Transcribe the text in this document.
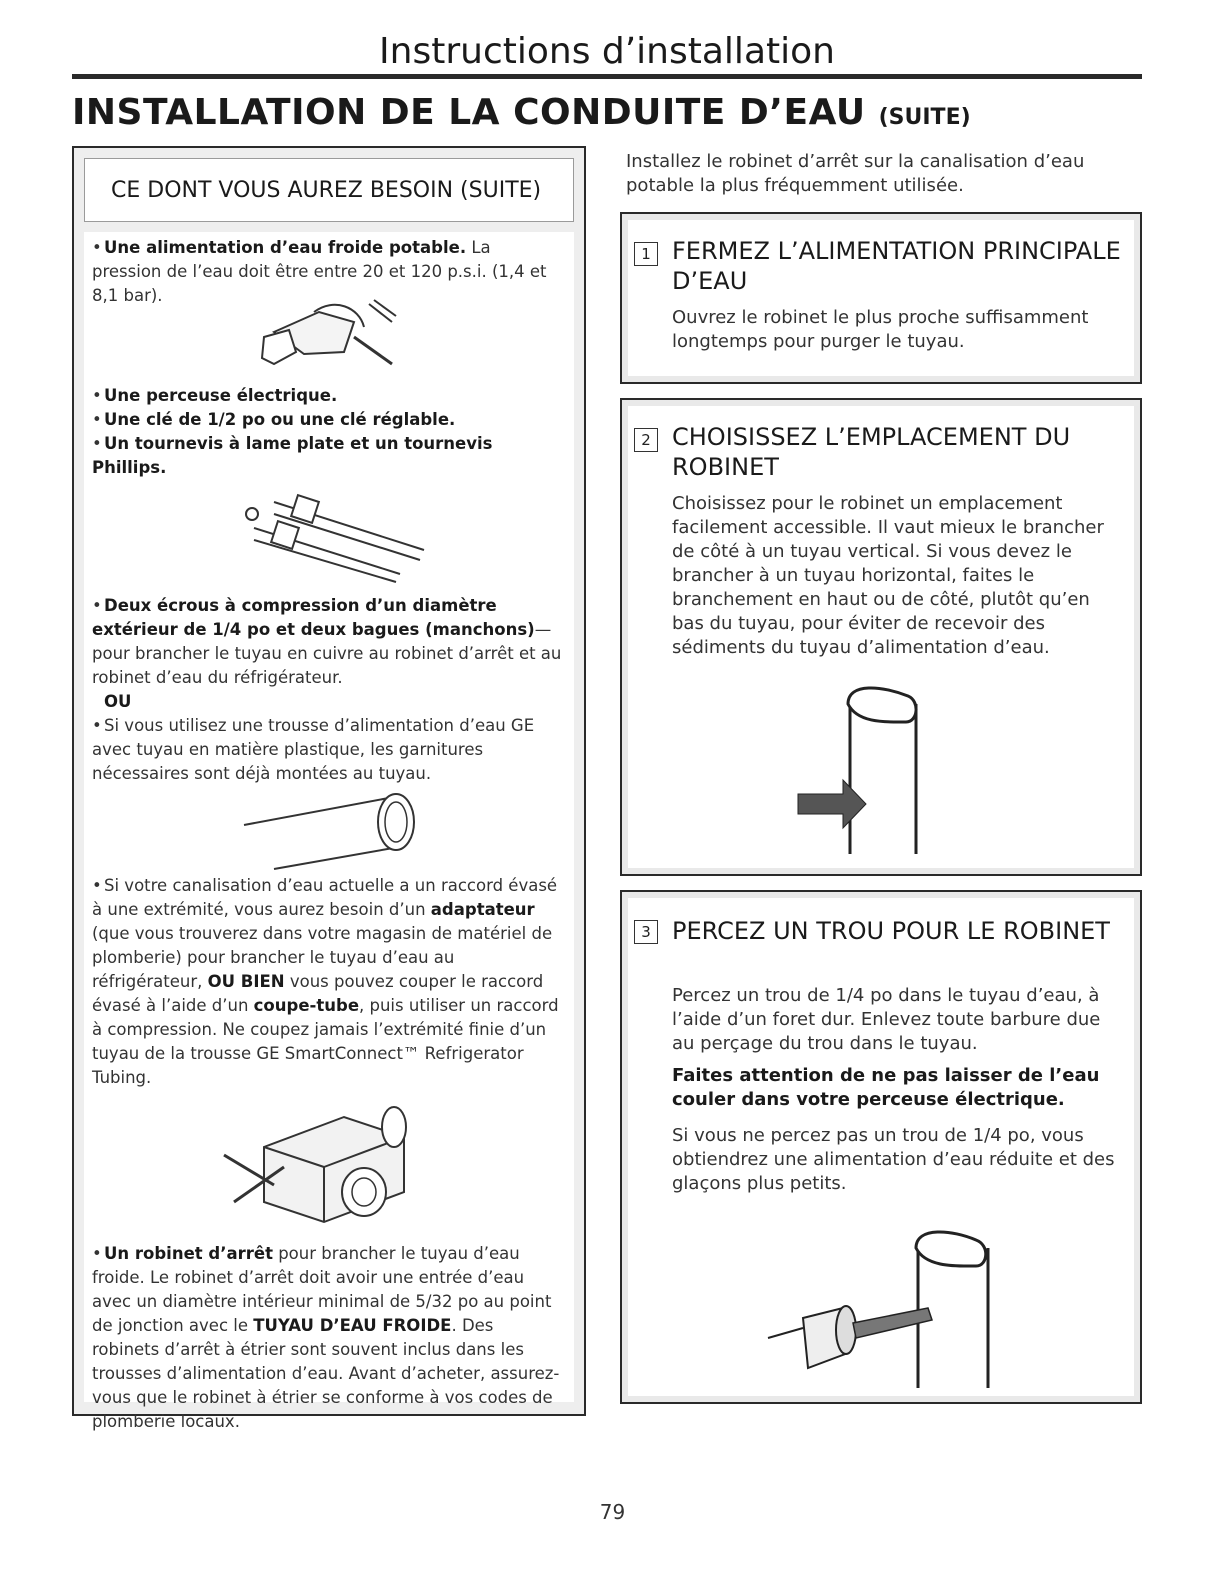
Instructions d’installation
INSTALLATION DE LA CONDUITE D’EAU (SUITE)
CE DONT VOUS AUREZ BESOIN (SUITE)
• Une alimentation d’eau froide potable. La pression de l’eau doit être entre 20 et 120 p.s.i. (1,4 et 8,1 bar).
• Une perceuse électrique.
• Une clé de 1/2 po ou une clé réglable.
• Un tournevis à lame plate et un tournevis Phillips.
• Deux écrous à compression d’un diamètre extérieur de 1/4 po et deux bagues (manchons)—pour brancher le tuyau en cuivre au robinet d’arrêt et au robinet d’eau du réfrigérateur.
OU
• Si vous utilisez une trousse d’alimentation d’eau GE avec tuyau en matière plastique, les garnitures nécessaires sont déjà montées au tuyau.
• Si votre canalisation d’eau actuelle a un raccord évasé à une extrémité, vous aurez besoin d’un adaptateur (que vous trouverez dans votre magasin de matériel de plomberie) pour brancher le tuyau d’eau au réfrigérateur, OU BIEN vous pouvez couper le raccord évasé à l’aide d’un coupe-tube, puis utiliser un raccord à compression. Ne coupez jamais l’extrémité finie d’un tuyau de la trousse GE SmartConnect™ Refrigerator Tubing.
• Un robinet d’arrêt pour brancher le tuyau d’eau froide. Le robinet d’arrêt doit avoir une entrée d’eau avec un diamètre intérieur minimal de 5/32 po au point de jonction avec le TUYAU D’EAU FROIDE. Des robinets d’arrêt à étrier sont souvent inclus dans les trousses d’alimentation d’eau. Avant d’acheter, assurez-vous que le robinet à étrier se conforme à vos codes de plomberie locaux.
Installez le robinet d’arrêt sur la canalisation d’eau potable la plus fréquemment utilisée.
1 FERMEZ L’ALIMENTATION PRINCIPALE D’EAU
Ouvrez le robinet le plus proche suffisamment longtemps pour purger le tuyau.
2 CHOISISSEZ L’EMPLACEMENT DU ROBINET
Choisissez pour le robinet un emplacement facilement accessible. Il vaut mieux le brancher de côté à un tuyau vertical. Si vous devez le brancher à un tuyau horizontal, faites le branchement en haut ou de côté, plutôt qu’en bas du tuyau, pour éviter de recevoir des sédiments du tuyau d’alimentation d’eau.
3 PERCEZ UN TROU POUR LE ROBINET
Percez un trou de 1/4 po dans le tuyau d’eau, à l’aide d’un foret dur. Enlevez toute barbure due au perçage du trou dans le tuyau.
Faites attention de ne pas laisser de l’eau couler dans votre perceuse électrique.
Si vous ne percez pas un trou de 1/4 po, vous obtiendrez une alimentation d’eau réduite et des glaçons plus petits.
79
